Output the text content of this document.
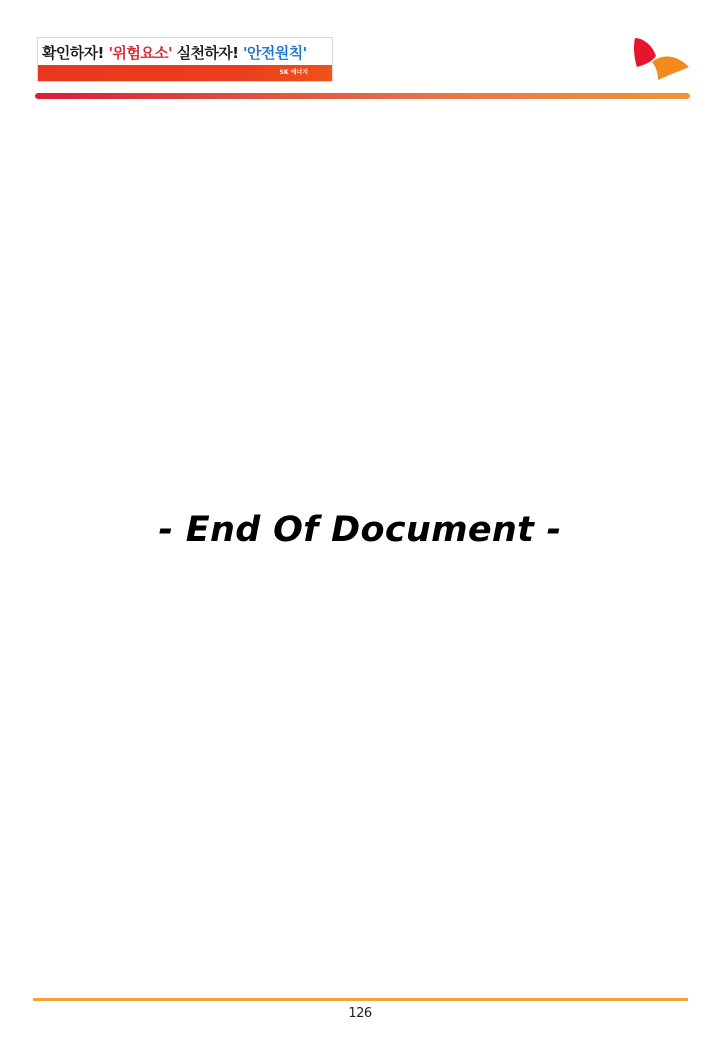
확인하자! '위험요소' 실천하자! '안전원칙'
SK 에너지
- End Of Document -
126
